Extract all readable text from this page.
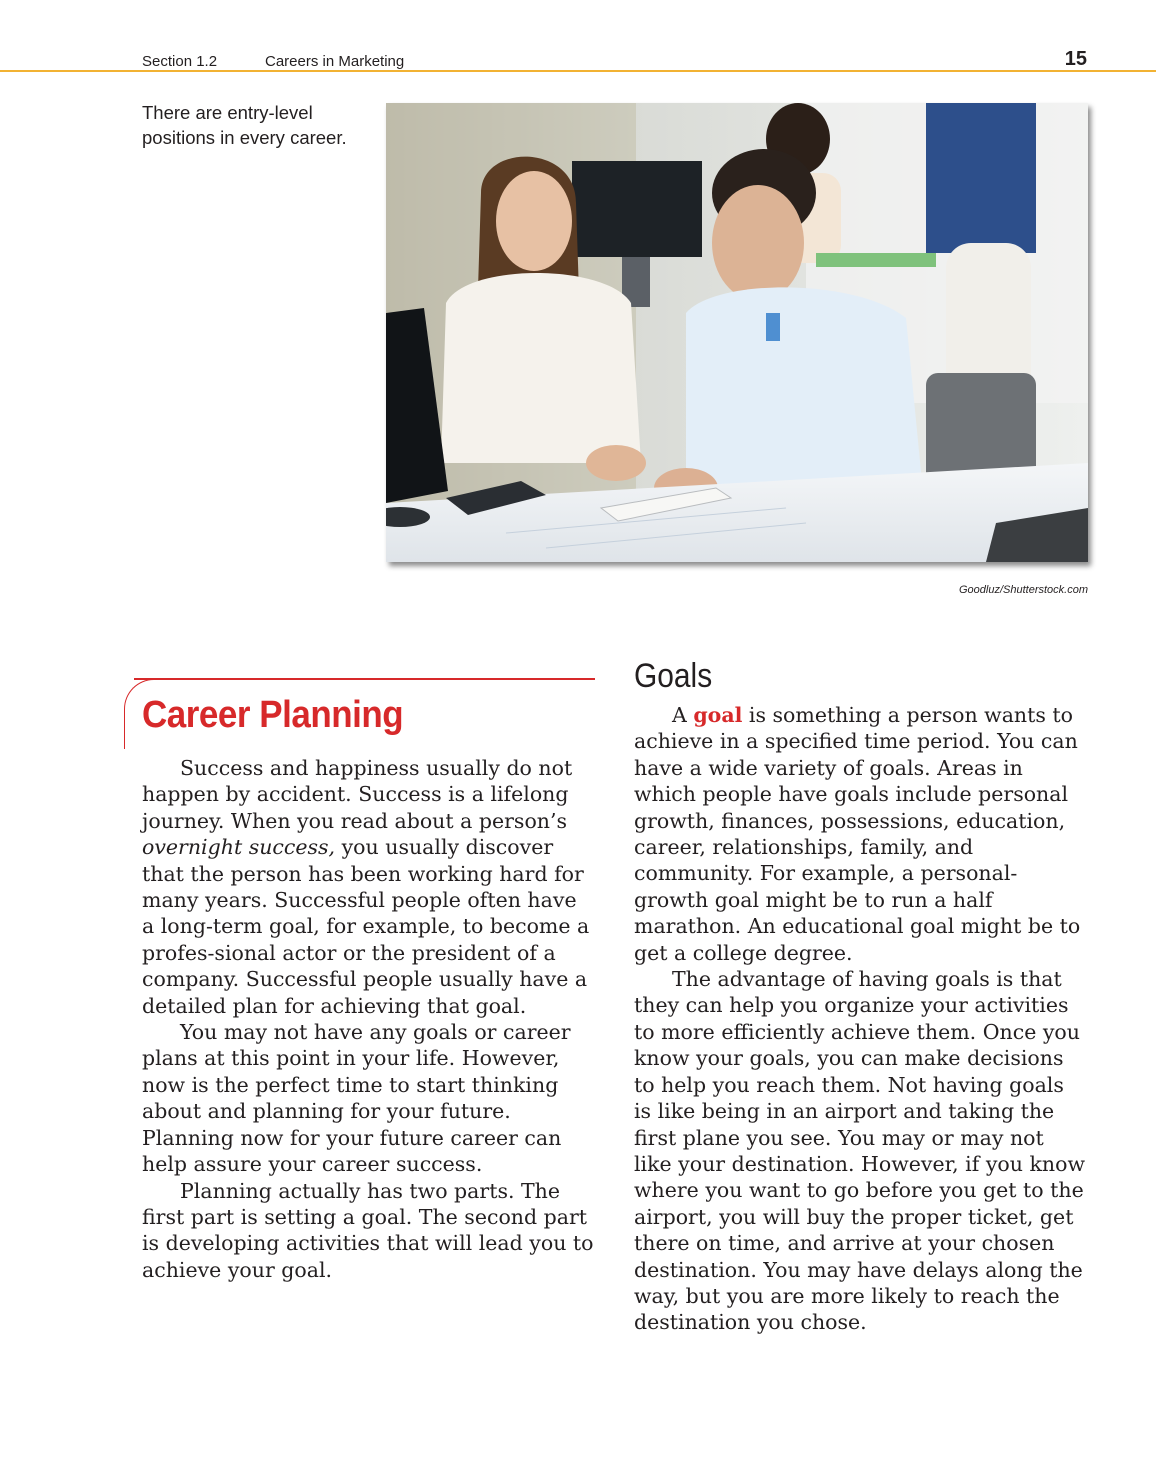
Section 1.2	Careers in Marketing	15
There are entry-level positions in every career.
Goodluz/Shutterstock.com
Career Planning

Success and happiness usually do not happen by accident. Success is a lifelong journey. When you read about a person’s overnight success, you usually discover that the person has been working hard for many years. Successful people often have a long-term goal, for example, to become a profes-sional actor or the president of a company. Successful people usually have a detailed plan for achieving that goal.

You may not have any goals or career plans at this point in your life. However, now is the perfect time to start thinking about and planning for your future. Planning now for your future career can help assure your career success.

Planning actually has two parts. The first part is setting a goal. The second part is developing activities that will lead you to achieve your goal.

Goals

A goal is something a person wants to achieve in a specified time period. You can have a wide variety of goals. Areas in which people have goals include personal growth, finances, possessions, education, career, relationships, family, and community. For example, a personal-growth goal might be to run a half marathon. An educational goal might be to get a college degree.

The advantage of having goals is that they can help you organize your activities to more efficiently achieve them. Once you know your goals, you can make decisions to help you reach them. Not having goals is like being in an airport and taking the first plane you see. You may or may not like your destination. However, if you know where you want to go before you get to the airport, you will buy the proper ticket, get there on time, and arrive at your chosen destination. You may have delays along the way, but you are more likely to reach the destination you chose.
